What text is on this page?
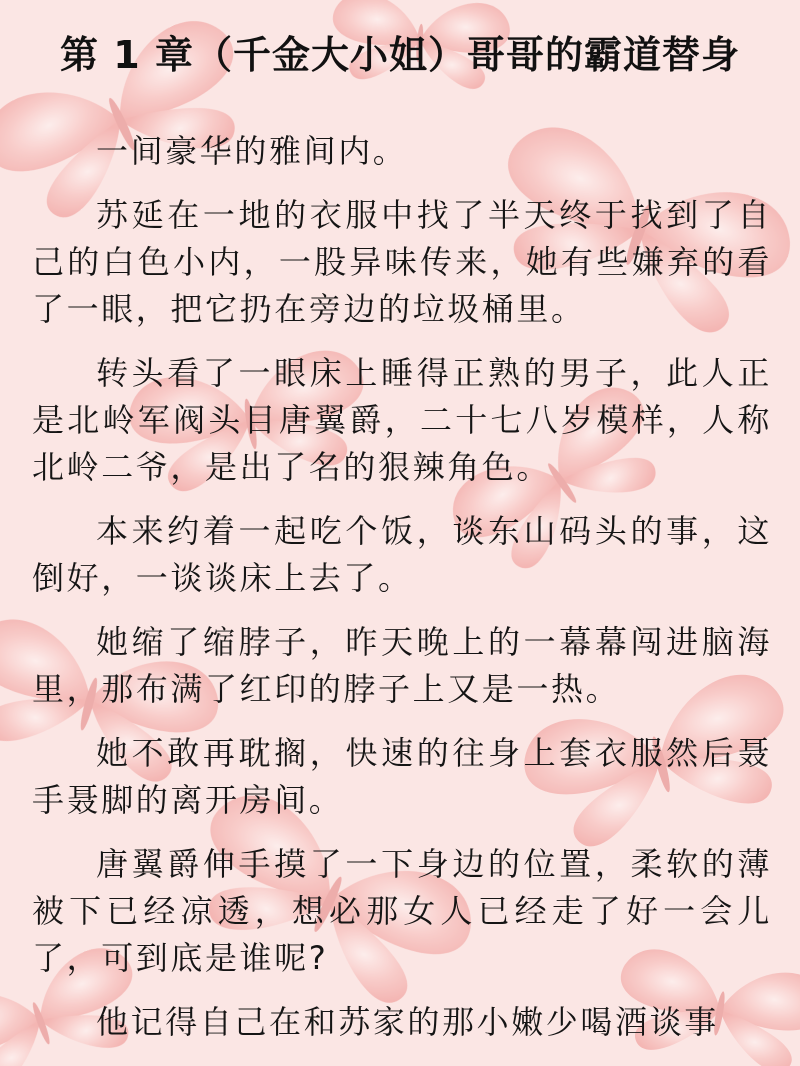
第 1 章（千金大小姐）哥哥的霸道替身

一间豪华的雅间内。

苏延在一地的衣服中找了半天终于找到了自己的白色小内，一股异味传来，她有些嫌弃的看了一眼，把它扔在旁边的垃圾桶里。

转头看了一眼床上睡得正熟的男子，此人正是北岭军阀头目唐翼爵，二十七八岁模样，人称北岭二爷，是出了名的狠辣角色。

本来约着一起吃个饭，谈东山码头的事，这倒好，一谈谈床上去了。

她缩了缩脖子，昨天晚上的一幕幕闯进脑海里，那布满了红印的脖子上又是一热。

她不敢再耽搁，快速的往身上套衣服然后聂手聂脚的离开房间。

唐翼爵伸手摸了一下身边的位置，柔软的薄被下已经凉透，想必那女人已经走了好一会儿了，可到底是谁呢?

他记得自己在和苏家的那小嫩少喝酒谈事
